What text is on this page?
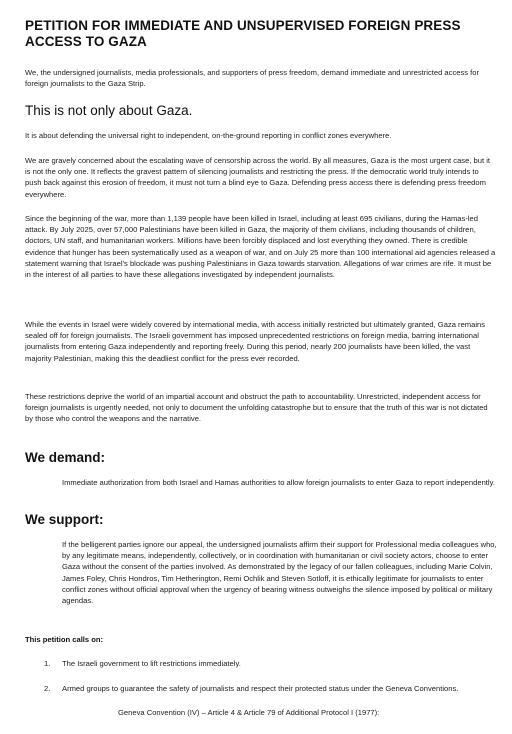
PETITION FOR IMMEDIATE AND UNSUPERVISED FOREIGN PRESS ACCESS TO GAZA
We, the undersigned journalists, media professionals, and supporters of press freedom, demand immediate and unrestricted access for foreign journalists to the Gaza Strip.
This is not only about Gaza.
It is about defending the universal right to independent, on-the-ground reporting in conflict zones everywhere.
We are gravely concerned about the escalating wave of censorship across the world. By all measures, Gaza is the most urgent case, but it is not the only one. It reflects the gravest pattern of silencing journalists and restricting the press. If the democratic world truly intends to push back against this erosion of freedom, it must not turn a blind eye to Gaza. Defending press access there is defending press freedom everywhere.
Since the beginning of the war, more than 1,139 people have been killed in Israel, including at least 695 civilians, during the Hamas-led attack. By July 2025, over 57,000 Palestinians have been killed in Gaza, the majority of them civilians, including thousands of children, doctors, UN staff, and humanitarian workers. Millions have been forcibly displaced and lost everything they owned. There is credible evidence that hunger has been systematically used as a weapon of war, and on July 25 more than 100 international aid agencies released a statement warning that Israel’s blockade was pushing Palestinians in Gaza towards starvation. Allegations of war crimes are rife. It must be in the interest of all parties to have these allegations investigated by independent journalists.
While the events in Israel were widely covered by international media, with access initially restricted but ultimately granted, Gaza remains sealed off for foreign journalists. The Israeli government has imposed unprecedented restrictions on foreign media, barring international journalists from entering Gaza independently and reporting freely. During this period, nearly 200 journalists have been killed, the vast majority Palestinian, making this the deadliest conflict for the press ever recorded.
These restrictions deprive the world of an impartial account and obstruct the path to accountability. Unrestricted, independent access for foreign journalists is urgently needed, not only to document the unfolding catastrophe but to ensure that the truth of this war is not dictated by those who control the weapons and the narrative.
We demand:
Immediate authorization from both Israel and Hamas authorities to allow foreign journalists to enter Gaza to report independently.
We support:
If the belligerent parties ignore our appeal, the undersigned journalists affirm their support for Professional media colleagues who, by any legitimate means, independently, collectively, or in coordination with humanitarian or civil society actors, choose to enter Gaza without the consent of the parties involved. As demonstrated by the legacy of our fallen colleagues, including Marie Colvin, James Foley, Chris Hondros, Tim Hetherington, Remi Ochlik and Steven Sotloff, it is ethically legitimate for journalists to enter conflict zones without official approval when the urgency of bearing witness outweighs the silence imposed by political or military agendas.
This petition calls on:
1. The Israeli government to lift restrictions immediately.
2. Armed groups to guarantee the safety of journalists and respect their protected status under the Geneva Conventions.
Geneva Convention (IV) – Article 4 & Article 79 of Additional Protocol I (1977):
